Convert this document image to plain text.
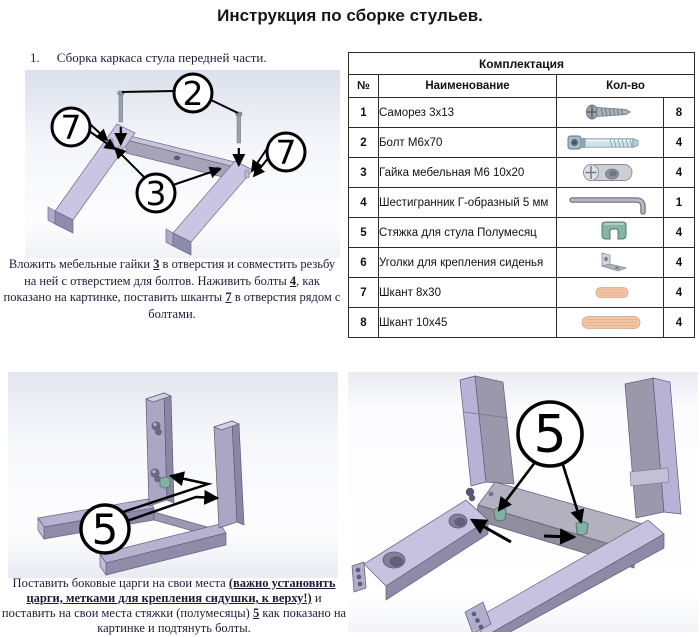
Инструкция по сборке стульев.
1. Сборка каркаса стула передней части.
2
7
7
3

Вложить мебельные гайки 3 в отверстия и совместить резьбу на ней с отверстием для болтов. Наживить болты 4, как показано на картинке, поставить шканты 7 в отверстия рядом с болтами.

Комплектация			
№	Наименование	Кол-во	
1	Саморез 3х13		8
2	Болт М6х70		4
3	Гайка мебельная М6 10х20		4
4	Шестигранник Г-образный 5 мм		1
5	Стяжка для стула Полумесяц		4
6	Уголки для крепления сиденья		4
7	Шкант 8х30		4
8	Шкант 10х45		4
5

Поставить боковые царги на свои места (важно установить царги, метками для крепления сидушки, к верху!) и поставить на свои места стяжки (полумесяцы) 5 как показано на картинке и подтянуть болты.

5
